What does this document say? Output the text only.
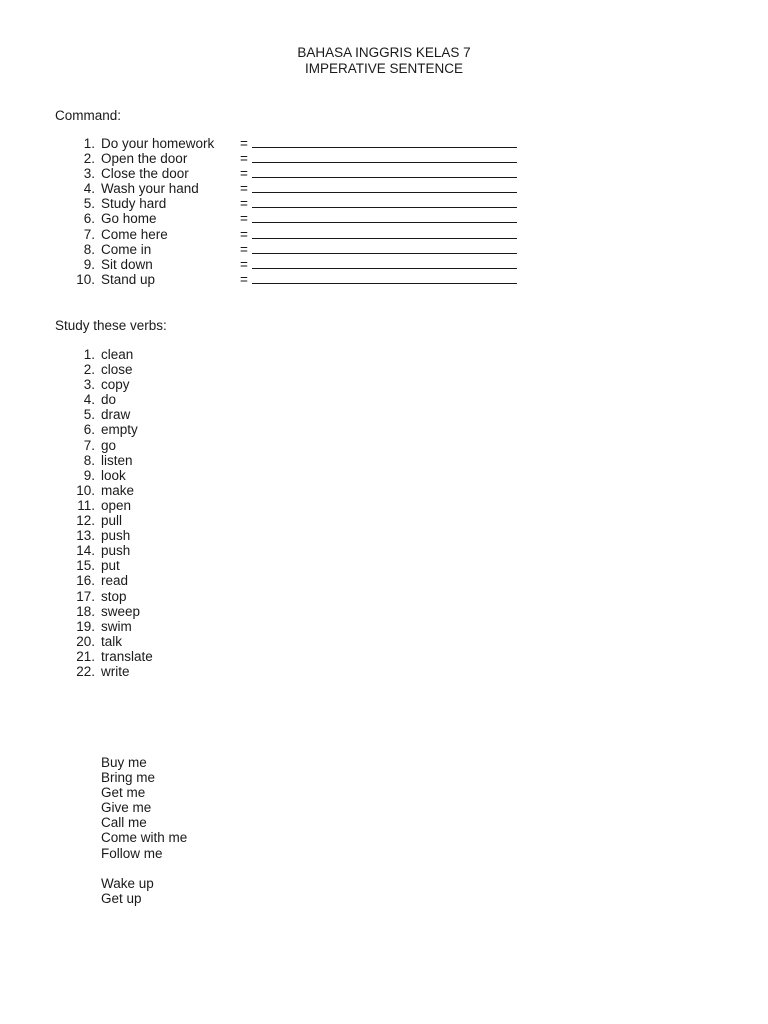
BAHASA INGGRIS KELAS 7
IMPERATIVE SENTENCE
Command:
1. Do your homework =
2. Open the door	=
3. Close the door	=
4. Wash your hand	=
5. Study hard	=
6. Go home	=
7. Come here	=
8. Come in	=
9. Sit down	=
10. Stand up	=
Study these verbs:
1. clean
2. close
3. copy
4. do
5. draw
6. empty
7. go
8. listen
9. look
10. make
11. open
12. pull
13. push
14. push
15. put
16. read
17. stop
18. sweep
19. swim
20. talk
21. translate
22. write
Buy me
Bring me
Get me
Give me
Call me
Come with me
Follow me
Wake up
Get up
